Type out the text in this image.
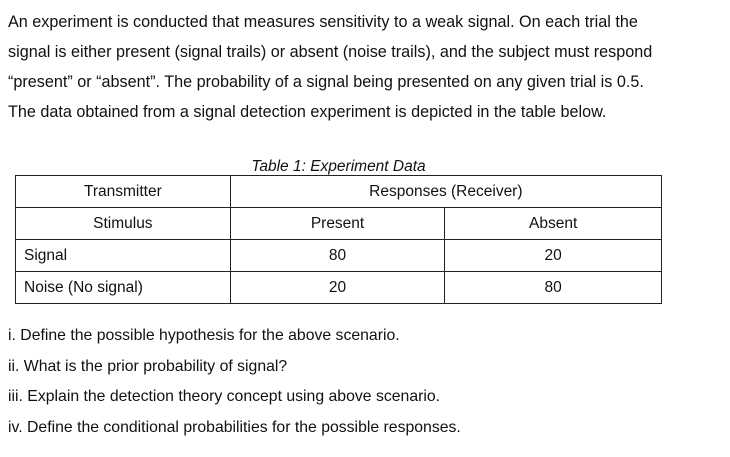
An experiment is conducted that measures sensitivity to a weak signal. On each trial the
signal is either present (signal trails) or absent (noise trails), and the subject must respond
“present” or “absent”. The probability of a signal being presented on any given trial is 0.5.
The data obtained from a signal detection experiment is depicted in the table below.
Table 1: Experiment Data
Transmitter	Responses (Receiver)	
Stimulus	Present	Absent
Signal	80	20
Noise (No signal)	20	80
i. Define the possible hypothesis for the above scenario.
ii. What is the prior probability of signal?
iii. Explain the detection theory concept using above scenario.
iv. Define the conditional probabilities for the possible responses.
